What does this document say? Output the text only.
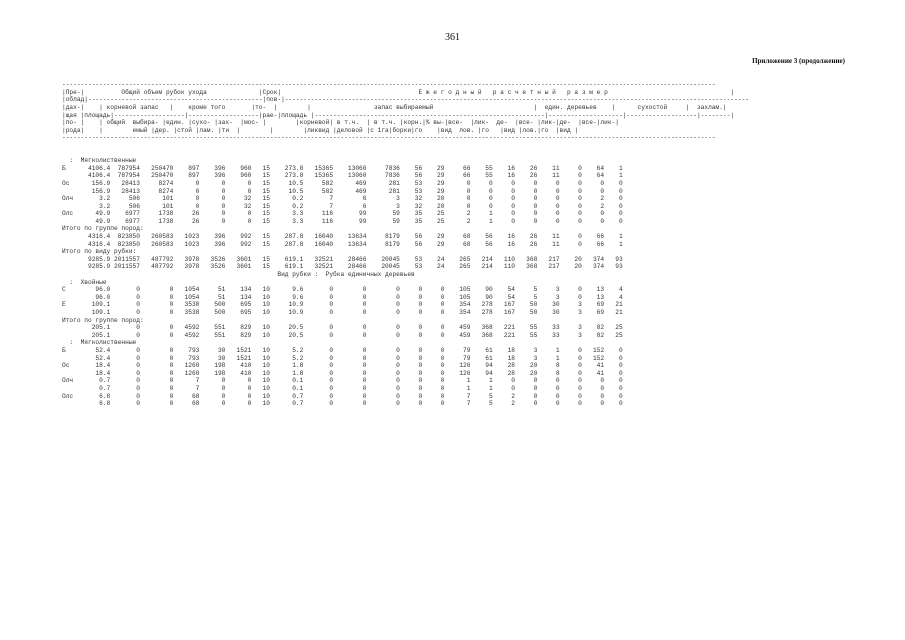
361
Приложение 3 (продолжение)

--------------------------------------------------------------------------------------------------------------------------------------------------------------------------------
|Пре-|          Общий объем рубок ухода              |Срок|                                     Е ж е г о д н ы й   р а с ч е т н ы й   р а з м е р                                 |
|облад|-----------------------------------------------|пов-|-----------------------------------------------------------------------------------------------------------------------------
|дах-|    | корневой запас   |    кроме того       |то-  |        |                 запас выбираемый                           |  един. деревьев    |      сухостой     |  захлам.|
|щая |площадь|-------------------|-------------------|рае-|площадь |--------------------------------------------------------------|--------------------|-------------------|--------|
|по- |    | общий  выбира- |един. |сухо- |зах-  |мос- |        |корневой| в т.ч.  | в т.ч. |корн.|% вы-|все-  |лик-  де-  |все- |лик-|де-  |все-|лик-|
|рода|    |        емый |дер. |стой |лам. |ти  |        |        |ликвид |деловой |с 1га|борки|го    |вид  лов. |го   |вид |лов.|го  |вид |
--------------------------------------------------------------------------------------------------------------------------------------------------------------------------------

:  Мягколиственные
Б      4106.4  787954   250470    897    396    960   15    273.8   15365    13060     7836    56    29     66    55    16    26    11     0    64    1
4106.4  787954   250470    897    396    960   15    273.8   15365    13060     7836    56    29     66    55    16    26    11     0    64    1
Ос      156.9   28413     8274      0      0      0   15     10.5     582      469      281    53    29      0     0     0     0     0     0     0    0
156.9   28413     8274      0      0      0   15     10.5     582      469      281    53    29      0     0     0     0     0     0     0    0
Олч       3.2     506      101      0      0     32   15      0.2       7        6        3    32    20      0     0     0     0     0     0     2    0
3.2     506      101      0      0     32   15      0.2       7        6        3    32    20      0     0     0     0     0     0     2    0
Олс      49.9    6977     1738     26      0      0   15      3.3     116       99       59    35    25      2     1     0     0     0     0     0    0
49.9    6977     1738     26      0      0   15      3.3     116       99       59    35    25      2     1     0     0     0     0     0    0
Итого по группе пород:
4316.4  823850   260583   1023    396    992   15    287.8   16040    13634     8179    56    29     68    56    16    26    11     0    66    1
4316.4  823850   260583   1023    396    992   15    287.8   16040    13634     8179    56    29     68    56    16    26    11     0    66    1
Итого по виду рубки:
9285.9 2011557   487792   3978   3526   3601   15    619.1   32521    28466    20045    53    24    265   214   110   368   217    20   374   93
9285.9 2011557   487792   3978   3526   3601   15    619.1   32521    28466    20045    53    24    265   214   110   368   217    20   374   93
Вид рубки :  Рубка единичных деревьев
:  Хвойные
С        96.0       0        0   1054     51    134   10      9.6       0        0        0     0     0    105    90    54     5     3     0    13    4
96.0       0        0   1054     51    134   10      9.6       0        0        0     0     0    105    90    54     5     3     0    13    4
Е       109.1       0        0   3538    500    695   10     10.9       0        0        0     0     0    354   278   167    50    30     3    69   21
109.1       0        0   3538    500    695   10     10.9       0        0        0     0     0    354   278   167    50    30     3    69   21
Итого по группе пород:
205.1       0        0   4592    551    829   10     20.5       0        0        0     0     0    459   368   221    55    33     3    82   25
205.1       0        0   4592    551    829   10     20.5       0        0        0     0     0    459   368   221    55    33     3    82   25
:  Мягколиственные
Б        52.4       0        0    793     30   1521   10      5.2       0        0        0     0     0     79    61    18     3     1     0   152    0
52.4       0        0    793     30   1521   10      5.2       0        0        0     0     0     79    61    18     3     1     0   152    0
Ос       18.4       0        0   1260    198    410   10      1.8       0        0        0     0     0    126    94    28    20     8     0    41    0
18.4       0        0   1260    198    410   10      1.8       0        0        0     0     0    126    94    28    20     8     0    41    0
Олч       0.7       0        0      7      0      0   10      0.1       0        0        0     0     0      1     1     0     0     0     0     0    0
0.7       0        0      7      0      0   10      0.1       0        0        0     0     0      1     1     0     0     0     0     0    0
Олс       6.8       0        0     68      0      0   10      0.7       0        0        0     0     0      7     5     2     0     0     0     0    0
6.8       0        0     68      0      0   10      0.7       0        0        0     0     0      7     5     2     0     0     0     0    0
